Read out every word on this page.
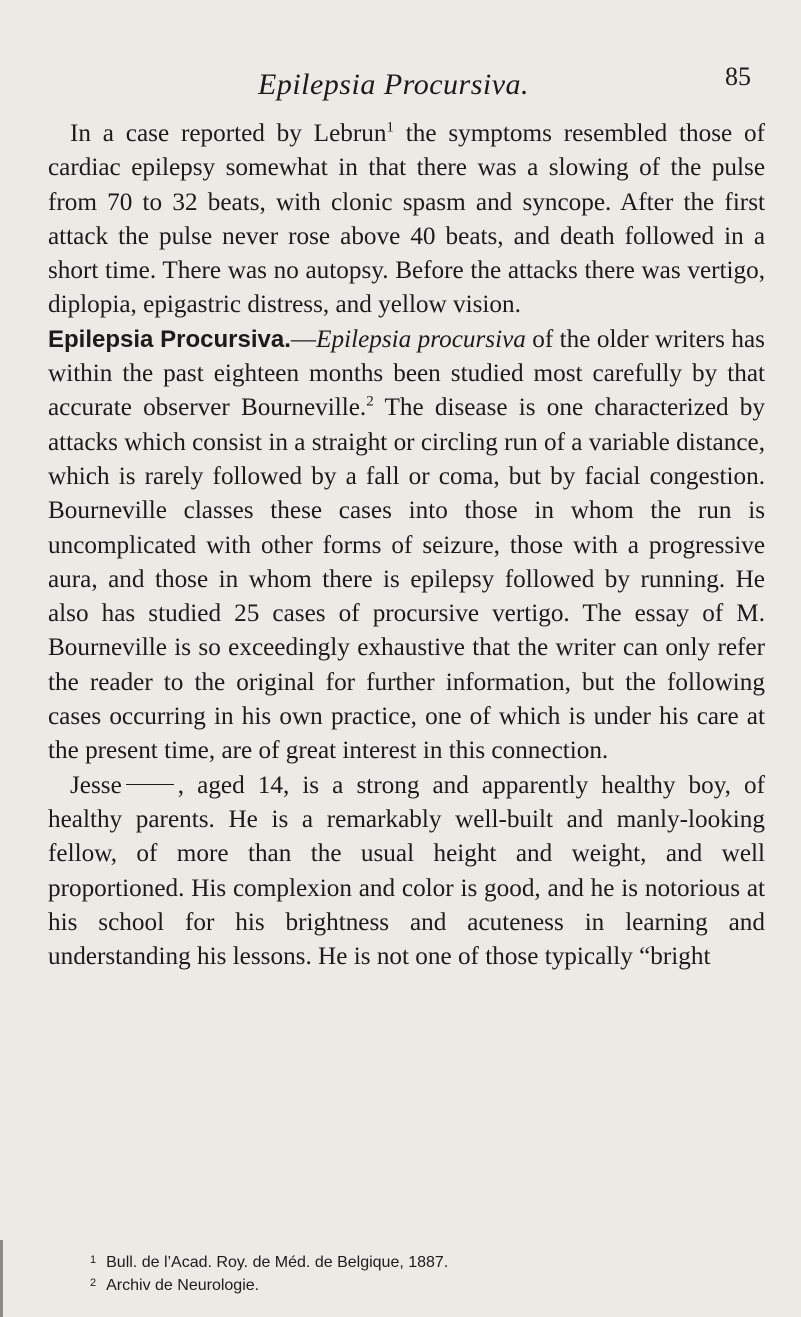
Epilepsia Procursiva.	85

In a case reported by Lebrun$^1$ the symptoms resembled those of cardiac epilepsy somewhat in that there was a slowing of the pulse from 70 to 32 beats, with clonic spasm and syncope. After the first attack the pulse never rose above 40 beats, and death followed in a short time. There was no autopsy. Before the attacks there was vertigo, diplopia, epigastric distress, and yellow vision.

Epilepsia Procursiva.—Epilepsia procursiva of the older writers has within the past eighteen months been studied most carefully by that accurate observer Bourneville.$^2$ The disease is one characterized by attacks which consist in a straight or circling run of a variable distance, which is rarely followed by a fall or coma, but by facial congestion. Bourneville classes these cases into those in whom the run is uncomplicated with other forms of seizure, those with a progressive aura, and those in whom there is epilepsy followed by running. He also has studied 25 cases of procursive vertigo. The essay of M. Bourneville is so exceedingly exhaustive that the writer can only refer the reader to the original for further information, but the following cases occurring in his own practice, one of which is under his care at the present time, are of great interest in this connection.

Jesse , aged 14, is a strong and apparently healthy boy, of healthy parents. He is a remarkably well-built and manly-looking fellow, of more than the usual height and weight, and well proportioned. His complexion and color is good, and he is notorious at his school for his brightness and acuteness in learning and understanding his lessons. He is not one of those typically “bright

$^1$ Bull. de l’Acad. Roy. de Méd. de Belgique, 1887.

$^2$ Archiv de Neurologie.
